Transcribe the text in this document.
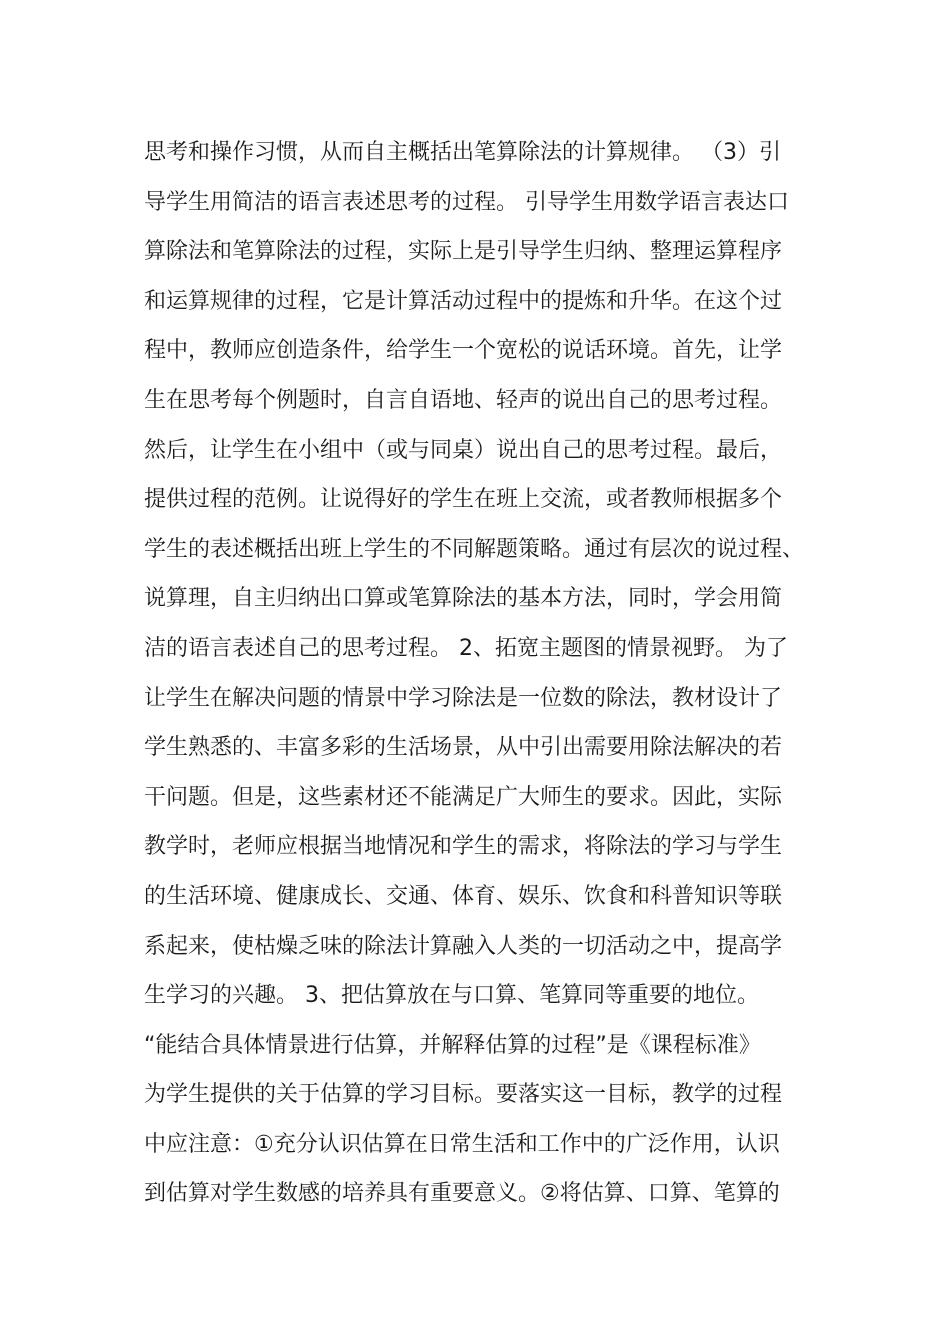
思考和操作习惯，从而自主概括出笔算除法的计算规律。 （3）引
导学生用简洁的语言表述思考的过程。 引导学生用数学语言表达口
算除法和笔算除法的过程，实际上是引导学生归纳、整理运算程序
和运算规律的过程，它是计算活动过程中的提炼和升华。在这个过
程中，教师应创造条件，给学生一个宽松的说话环境。首先，让学
生在思考每个例题时，自言自语地、轻声的说出自己的思考过程。
然后，让学生在小组中（或与同桌）说出自己的思考过程。最后，
提供过程的范例。让说得好的学生在班上交流，或者教师根据多个
学生的表述概括出班上学生的不同解题策略。通过有层次的说过程、
说算理，自主归纳出口算或笔算除法的基本方法，同时，学会用简
洁的语言表述自己的思考过程。 2、拓宽主题图的情景视野。 为了
让学生在解决问题的情景中学习除法是一位数的除法，教材设计了
学生熟悉的、丰富多彩的生活场景，从中引出需要用除法解决的若
干问题。但是，这些素材还不能满足广大师生的要求。因此，实际
教学时，老师应根据当地情况和学生的需求，将除法的学习与学生
的生活环境、健康成长、交通、体育、娱乐、饮食和科普知识等联
系起来，使枯燥乏味的除法计算融入人类的一切活动之中，提高学
生学习的兴趣。 3、把估算放在与口算、笔算同等重要的地位。
“能结合具体情景进行估算，并解释估算的过程”是《课程标准》
为学生提供的关于估算的学习目标。要落实这一目标，教学的过程
中应注意：①充分认识估算在日常生活和工作中的广泛作用，认识
到估算对学生数感的培养具有重要意义。②将估算、口算、笔算的
